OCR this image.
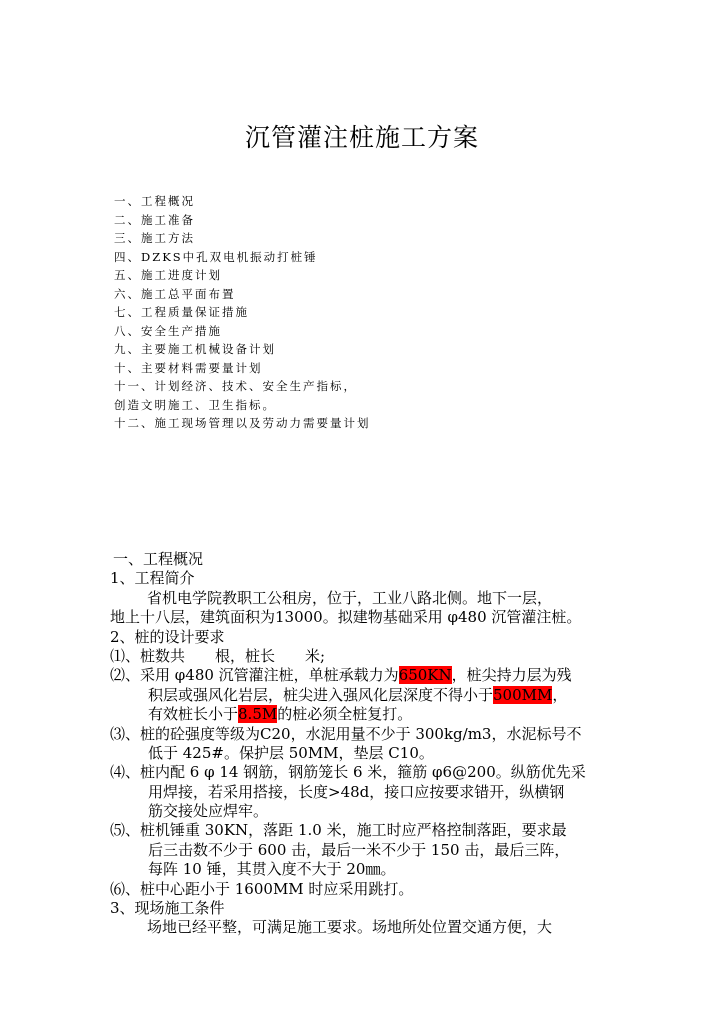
沉管灌注桩施工方案
一、工程概况
二、施工准备
三、施工方法
四、DZKS中孔双电机振动打桩锤
五、施工进度计划
六、施工总平面布置
七、工程质量保证措施
八、安全生产措施
九、主要施工机械设备计划
十、主要材料需要量计划
十一、计划经济、技术、安全生产指标，
创造文明施工、卫生指标。
十二、施工现场管理以及劳动力需要量计划
一、工程概况
1、工程简介
省机电学院教职工公租房，位于，工业八路北侧。地下一层，
地上十八层，建筑面积为13000。拟建物基础采用 φ480 沉管灌注桩。
2、桩的设计要求
⑴、桩数共　　根，桩长　　米;
⑵、采用 φ480 沉管灌注桩，单桩承载力为650KN，桩尖持力层为残
积层或强风化岩层，桩尖进入强风化层深度不得小于500MM，
有效桩长小于8.5M的桩必须全桩复打。
⑶、桩的砼强度等级为C20，水泥用量不少于 300kg/m3，水泥标号不
低于 425#。保护层 50MM，垫层 C10。
⑷、桩内配 6 φ 14 钢筋，钢筋笼长 6 米，箍筋 φ6@200。纵筋优先采
用焊接，若采用搭接，长度>48d，接口应按要求错开，纵横钢
筋交接处应焊牢。
⑸、桩机锤重 30KN，落距 1.0 米，施工时应严格控制落距，要求最
后三击数不少于 600 击，最后一米不少于 150 击，最后三阵，
每阵 10 锤，其贯入度不大于 20㎜。
⑹、桩中心距小于 1600MM 时应采用跳打。
3、现场施工条件
场地已经平整，可满足施工要求。场地所处位置交通方便，大
